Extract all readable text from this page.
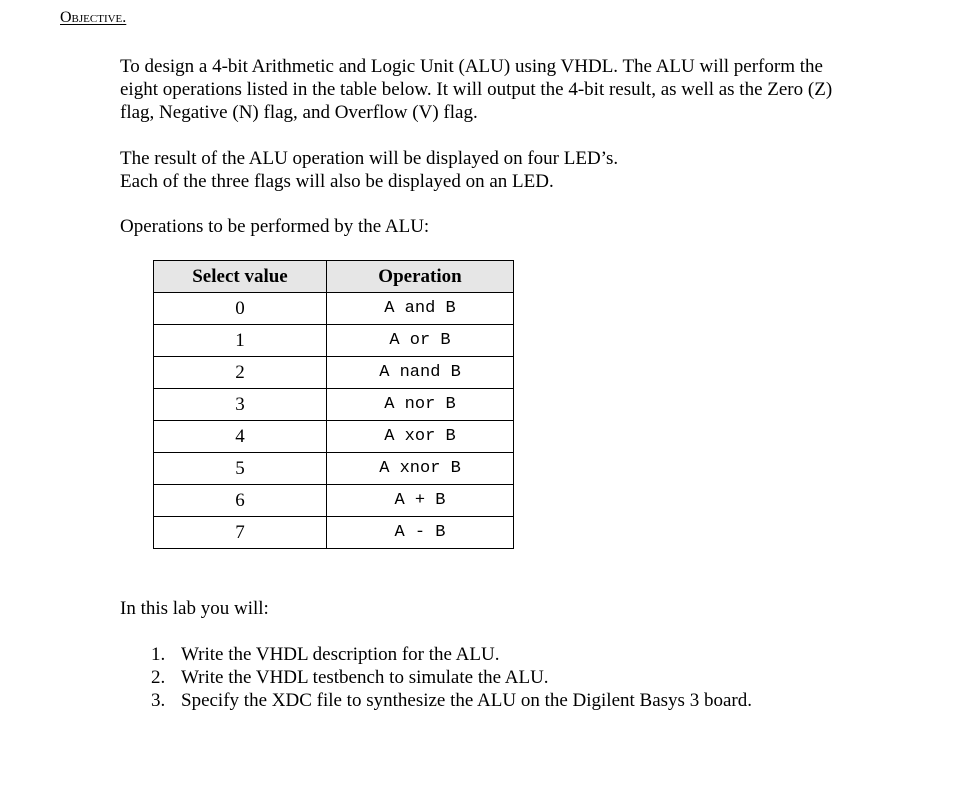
Objective.

To design a 4-bit Arithmetic and Logic Unit (ALU) using VHDL. The ALU will perform the
eight operations listed in the table below. It will output the 4-bit result, as well as the Zero (Z)
flag, Negative (N) flag, and Overflow (V) flag.

The result of the ALU operation will be displayed on four LED’s.
Each of the three flags will also be displayed on an LED.

Operations to be performed by the ALU:

Select value	Operation
0	A and B
1	A or B
2	A nand B
3	A nor B
4	A xor B
5	A xnor B
6	A + B
7	A - B

In this lab you will:

1. Write the VHDL description for the ALU.
2. Write the VHDL testbench to simulate the ALU.
3. Specify the XDC file to synthesize the ALU on the Digilent Basys 3 board.
